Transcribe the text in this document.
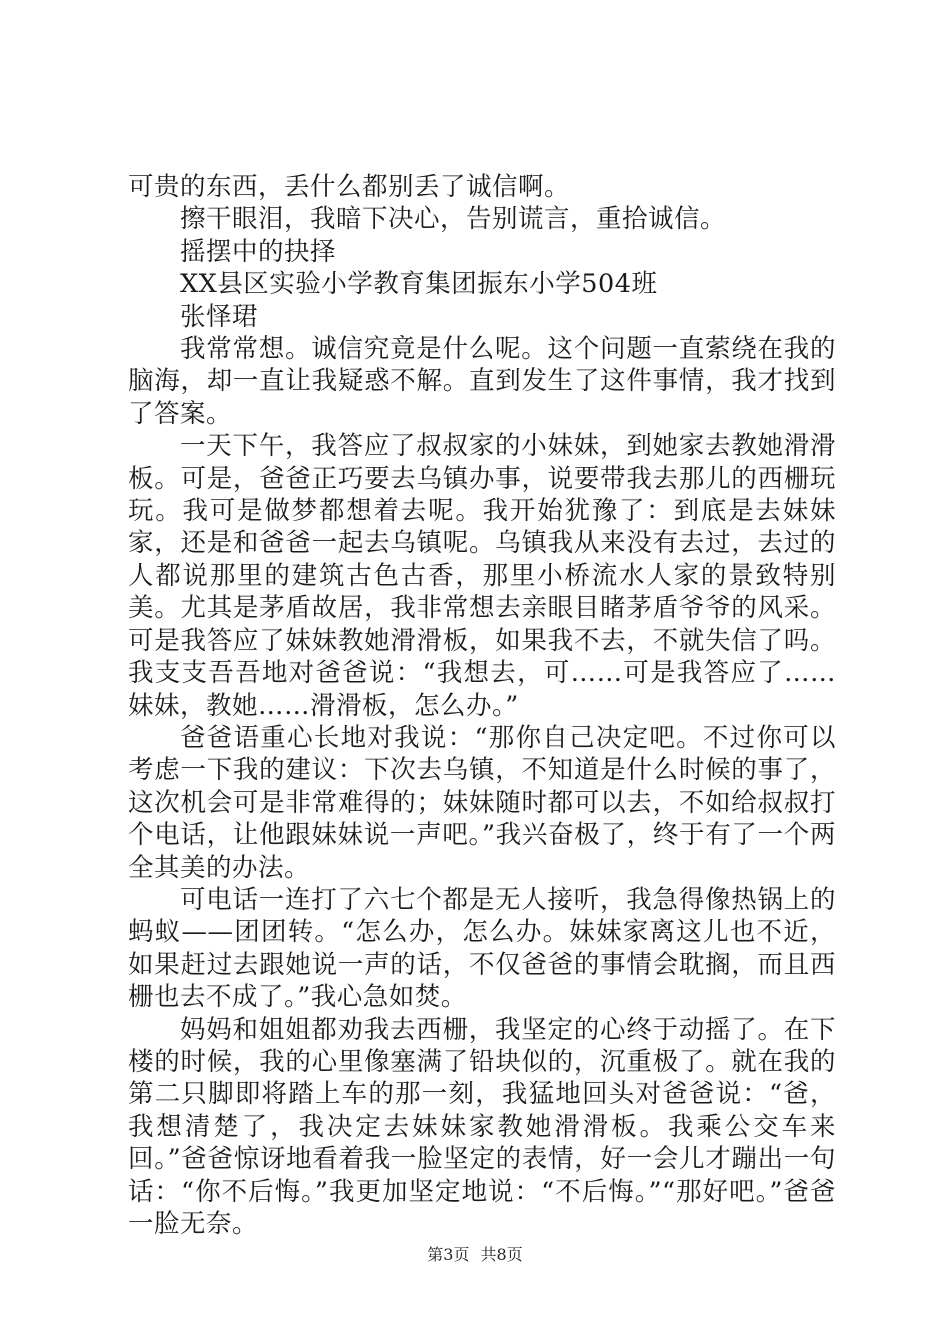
可贵的东西，丢什么都别丢了诚信啊。

擦干眼泪，我暗下决心，告别谎言，重拾诚信。

摇摆中的抉择

XX县区实验小学教育集团振东小学504班

张怿珺

我常常想。诚信究竟是什么呢。这个问题一直萦绕在我的脑海，却一直让我疑惑不解。直到发生了这件事情，我才找到了答案。

一天下午，我答应了叔叔家的小妹妹，到她家去教她滑滑板。可是，爸爸正巧要去乌镇办事，说要带我去那儿的西栅玩玩。我可是做梦都想着去呢。我开始犹豫了：到底是去妹妹家，还是和爸爸一起去乌镇呢。乌镇我从来没有去过，去过的人都说那里的建筑古色古香，那里小桥流水人家的景致特别美。尤其是茅盾故居，我非常想去亲眼目睹茅盾爷爷的风采。可是我答应了妹妹教她滑滑板，如果我不去，不就失信了吗。我支支吾吾地对爸爸说：“我想去，可……可是我答应了……妹妹，教她……滑滑板，怎么办。”

爸爸语重心长地对我说：“那你自己决定吧。不过你可以考虑一下我的建议：下次去乌镇，不知道是什么时候的事了，这次机会可是非常难得的；妹妹随时都可以去，不如给叔叔打个电话，让他跟妹妹说一声吧。”我兴奋极了，终于有了一个两全其美的办法。

可电话一连打了六七个都是无人接听，我急得像热锅上的蚂蚁——团团转。“怎么办，怎么办。妹妹家离这儿也不近，如果赶过去跟她说一声的话，不仅爸爸的事情会耽搁，而且西栅也去不成了。”我心急如焚。

妈妈和姐姐都劝我去西栅，我坚定的心终于动摇了。在下楼的时候，我的心里像塞满了铅块似的，沉重极了。就在我的第二只脚即将踏上车的那一刻，我猛地回头对爸爸说：“爸，我想清楚了，我决定去妹妹家教她滑滑板。我乘公交车来回。”爸爸惊讶地看着我一脸坚定的表情，好一会儿才蹦出一句话：“你不后悔。”我更加坚定地说：“不后悔。”“那好吧。”爸爸一脸无奈。

第3页 共8页
